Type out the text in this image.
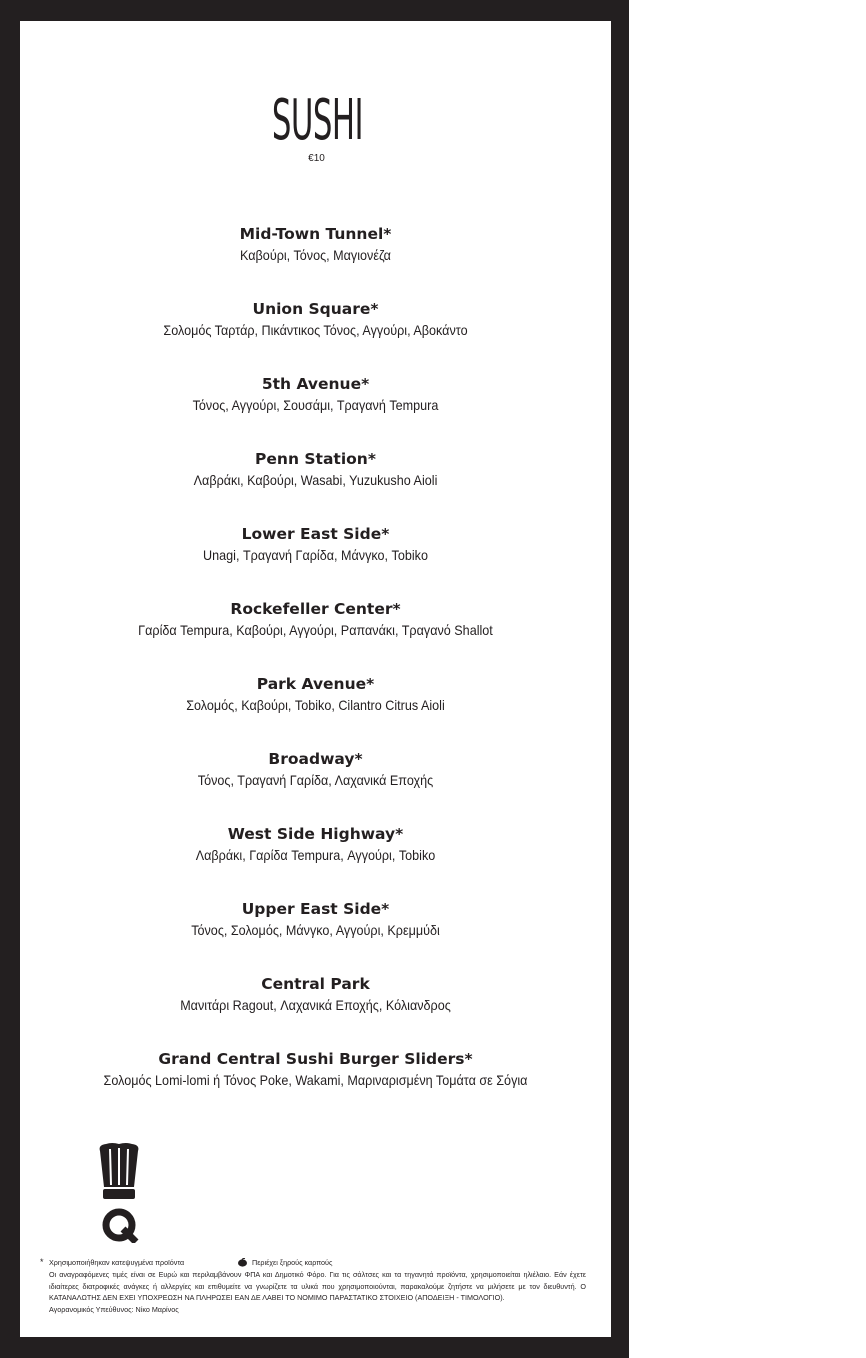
SUSHI
€10
Mid-Town Tunnel*
Καβούρι, Τόνος, Μαγιονέζα
Union Square*
Σολομός Ταρτάρ, Πικάντικος Τόνος, Αγγούρι, Αβοκάντο
5th Avenue*
Τόνος, Αγγούρι, Σουσάμι, Τραγανή Tempura
Penn Station*
Λαβράκι, Καβούρι, Wasabi, Yuzukusho Aioli
Lower East Side*
Unagi, Τραγανή Γαρίδα, Μάνγκο, Tobiko
Rockefeller Center*
Γαρίδα Tempura, Καβούρι, Αγγούρι, Ραπανάκι, Τραγανό Shallot
Park Avenue*
Σολομός, Καβούρι, Tobiko, Cilantro Citrus Aioli
Broadway*
Τόνος, Τραγανή Γαρίδα, Λαχανικά Εποχής
West Side Highway*
Λαβράκι, Γαρίδα Tempura, Αγγούρι, Tobiko
Upper East Side*
Τόνος, Σολομός, Μάνγκο, Αγγούρι, Κρεμμύδι
Central Park
Μανιτάρι Ragout, Λαχανικά Εποχής, Κόλιανδρος
Grand Central Sushi Burger Sliders*
Σολομός Lomi-lomi ή Τόνος Poke, Wakami, Μαριναρισμένη Τομάτα σε Σόγια
* Χρησιμοποιήθηκαν κατεψυγμένα προϊόντα	Περιέχει ξηρούς καρπούς
Οι αναγραφόμενες τιμές είναι σε Ευρώ και περιλαμβάνουν ΦΠΑ και Δημοτικό Φόρο. Για τις σάλτσες και τα τηγανητά προϊόντα, χρησιμοποιείται ηλιέλαιο. Εάν έχετε ιδιαίτερες διατροφικές ανάγκες ή αλλεργίες και επιθυμείτε να γνωρίζετε τα υλικά που χρησιμοποιούνται, παρακαλούμε ζητήστε να μιλήσετε με τον διευθυντή. Ο ΚΑΤΑΝΑΛΩΤΗΣ ΔΕΝ ΕΧΕΙ ΥΠΟΧΡΕΩΣΗ ΝΑ ΠΛΗΡΩΣΕΙ ΕΑΝ ΔΕ ΛΑΒΕΙ ΤΟ ΝΟΜΙΜΟ ΠΑΡΑΣΤΑΤΙΚΟ ΣΤΟΙΧΕΙΟ (ΑΠΟΔΕΙΞΗ - ΤΙΜΟΛΟΓΙΟ).
Αγορανομικός Υπεύθυνος: Νίκο Μαρίνος
